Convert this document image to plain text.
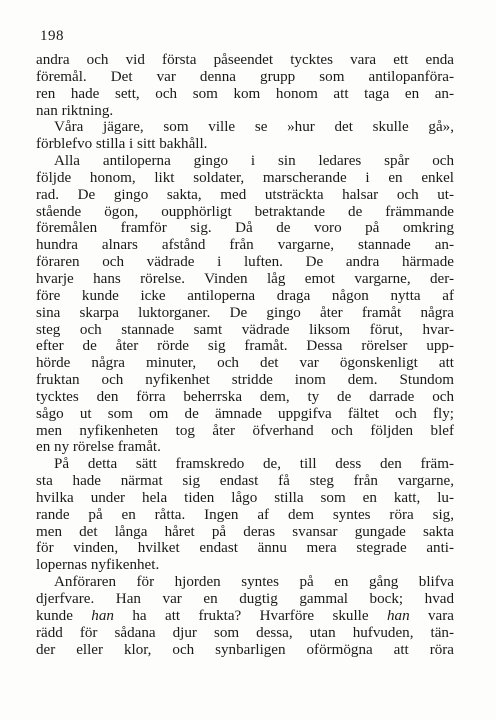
198
andra och vid första påseendet tycktes vara ett enda
föremål. Det var denna grupp som antilopanföra-
ren hade sett, och som kom honom att taga en an-
nan riktning.
Våra jägare, som ville se »hur det skulle gå»,
förblefvo stilla i sitt bakhåll.
Alla antiloperna gingo i sin ledares spår och
följde honom, likt soldater, marscherande i en enkel
rad. De gingo sakta, med utsträckta halsar och ut-
stående ögon, oupphörligt betraktande de främmande
föremålen framför sig. Då de voro på omkring
hundra alnars afstånd från vargarne, stannade an-
föraren och vädrade i luften. De andra härmade
hvarje hans rörelse. Vinden låg emot vargarne, der-
före kunde icke antiloperna draga någon nytta af
sina skarpa luktorganer. De gingo åter framåt några
steg och stannade samt vädrade liksom förut, hvar-
efter de åter rörde sig framåt. Dessa rörelser upp-
hörde några minuter, och det var ögonskenligt att
fruktan och nyfikenhet stridde inom dem. Stundom
tycktes den förra beherrska dem, ty de darrade och
sågo ut som om de ämnade uppgifva fältet och fly;
men nyfikenheten tog åter öfverhand och följden blef
en ny rörelse framåt.
På detta sätt framskredo de, till dess den främ-
sta hade närmat sig endast få steg från vargarne,
hvilka under hela tiden lågo stilla som en katt, lu-
rande på en råtta. Ingen af dem syntes röra sig,
men det långa håret på deras svansar gungade sakta
för vinden, hvilket endast ännu mera stegrade anti-
lopernas nyfikenhet.
Anföraren för hjorden syntes på en gång blifva
djerfvare. Han var en dugtig gammal bock; hvad
kunde han ha att frukta? Hvarföre skulle han vara
rädd för sådana djur som dessa, utan hufvuden, tän-
der eller klor, och synbarligen oförmögna att röra
